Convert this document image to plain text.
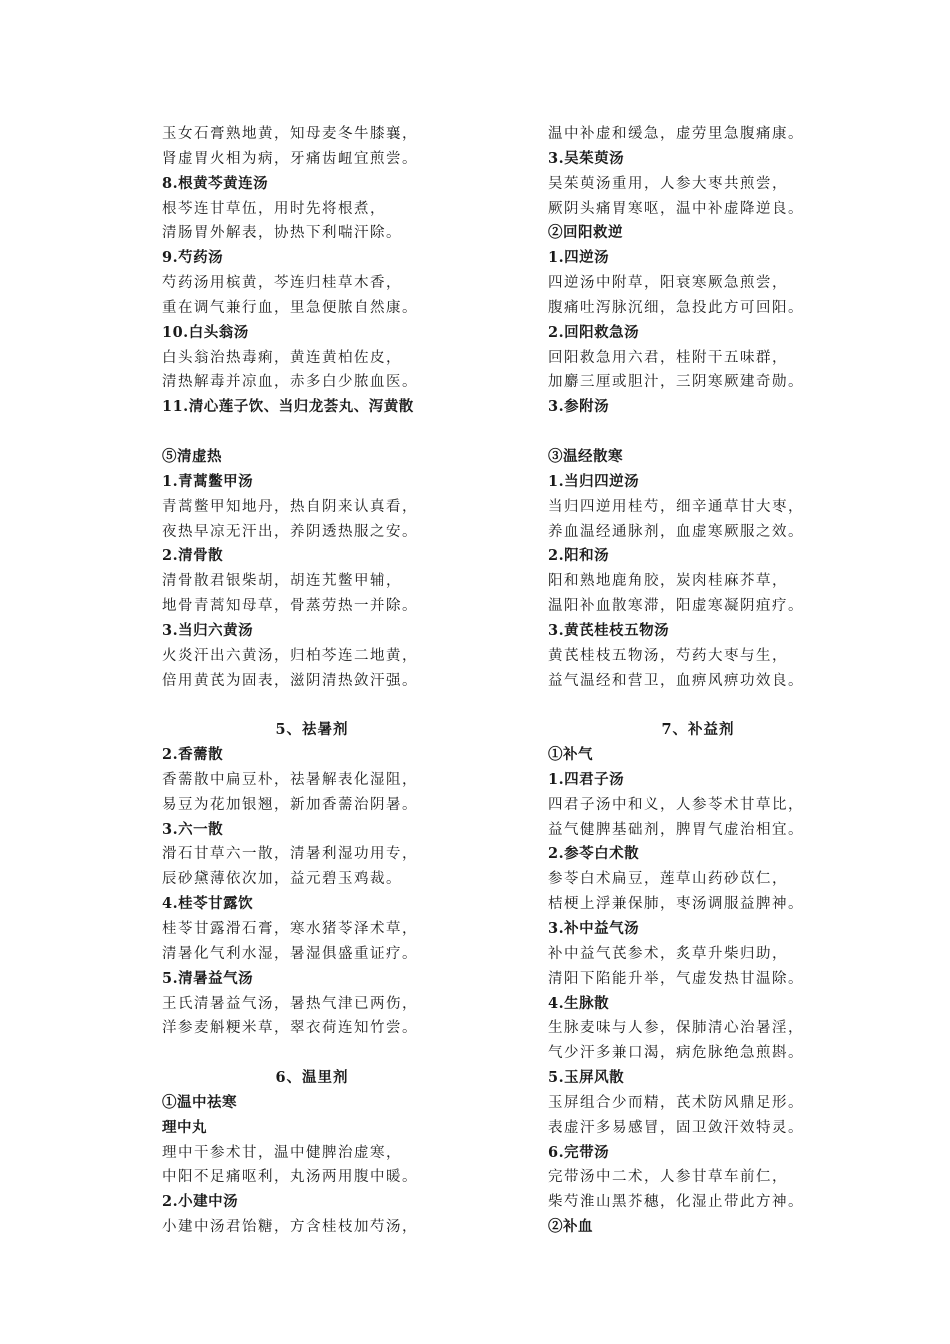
玉女石膏熟地黄，知母麦冬牛膝襄，
肾虚胃火相为病，牙痛齿衄宜煎尝。
8.根黄芩黄连汤
根芩连甘草伍，用时先将根煮，
清肠胃外解表，协热下利喘汗除。
9.芍药汤
芍药汤用槟黄，芩连归桂草木香，
重在调气兼行血，里急便脓自然康。
10.白头翁汤
白头翁治热毒痢，黄连黄柏佐皮，
清热解毒并凉血，赤多白少脓血医。
11.清心莲子饮、当归龙荟丸、泻黄散
⑤清虚热
1.青蒿鳖甲汤
青蒿鳖甲知地丹，热自阴来认真看，
夜热早凉无汗出，养阴透热服之安。
2.清骨散
清骨散君银柴胡，胡连艽鳖甲辅，
地骨青蒿知母草，骨蒸劳热一并除。
3.当归六黄汤
火炎汗出六黄汤，归柏芩连二地黄，
倍用黄芪为固表，滋阴清热敛汗强。
5、祛暑剂
2.香薷散
香薷散中扁豆朴，祛暑解表化湿阻，
易豆为花加银翘，新加香薷治阴暑。
3.六一散
滑石甘草六一散，清暑利湿功用专，
辰砂黛薄依次加，益元碧玉鸡裁。
4.桂苓甘露饮
桂苓甘露滑石膏，寒水猪苓泽术草，
清暑化气利水湿，暑湿俱盛重证疗。
5.清暑益气汤
王氏清暑益气汤，暑热气津已两伤，
洋参麦斛粳米草，翠衣荷连知竹尝。
6、温里剂
①温中祛寒
理中丸
理中干参术甘，温中健脾治虚寒，
中阳不足痛呕利，丸汤两用腹中暖。
2.小建中汤
小建中汤君饴糖，方含桂枝加芍汤，
温中补虚和缓急，虚劳里急腹痛康。
3.吴茱萸汤
吴茱萸汤重用，人参大枣共煎尝，
厥阴头痛胃寒呕，温中补虚降逆良。
②回阳救逆
1.四逆汤
四逆汤中附草，阳衰寒厥急煎尝，
腹痛吐泻脉沉细，急投此方可回阳。
2.回阳救急汤
回阳救急用六君，桂附干五味群，
加麝三厘或胆汁，三阴寒厥建奇勋。
3.参附汤
③温经散寒
1.当归四逆汤
当归四逆用桂芍，细辛通草甘大枣，
养血温经通脉剂，血虚寒厥服之效。
2.阳和汤
阳和熟地鹿角胶，炭肉桂麻芥草，
温阳补血散寒滞，阳虚寒凝阴疽疗。
3.黄芪桂枝五物汤
黄芪桂枝五物汤，芍药大枣与生，
益气温经和营卫，血痹风痹功效良。
7、补益剂
①补气
1.四君子汤
四君子汤中和义，人参苓术甘草比，
益气健脾基础剂，脾胃气虚治相宜。
2.参苓白术散
参苓白术扁豆，莲草山药砂苡仁，
桔梗上浮兼保肺，枣汤调服益脾神。
3.补中益气汤
补中益气芪参术，炙草升柴归助，
清阳下陷能升举，气虚发热甘温除。
4.生脉散
生脉麦味与人参，保肺清心治暑淫，
气少汗多兼口渴，病危脉绝急煎斟。
5.玉屏风散
玉屏组合少而精，芪术防风鼎足形。
表虚汗多易感冒，固卫敛汗效特灵。
6.完带汤
完带汤中二术，人参甘草车前仁，
柴芍淮山黑芥穗，化湿止带此方神。
②补血
